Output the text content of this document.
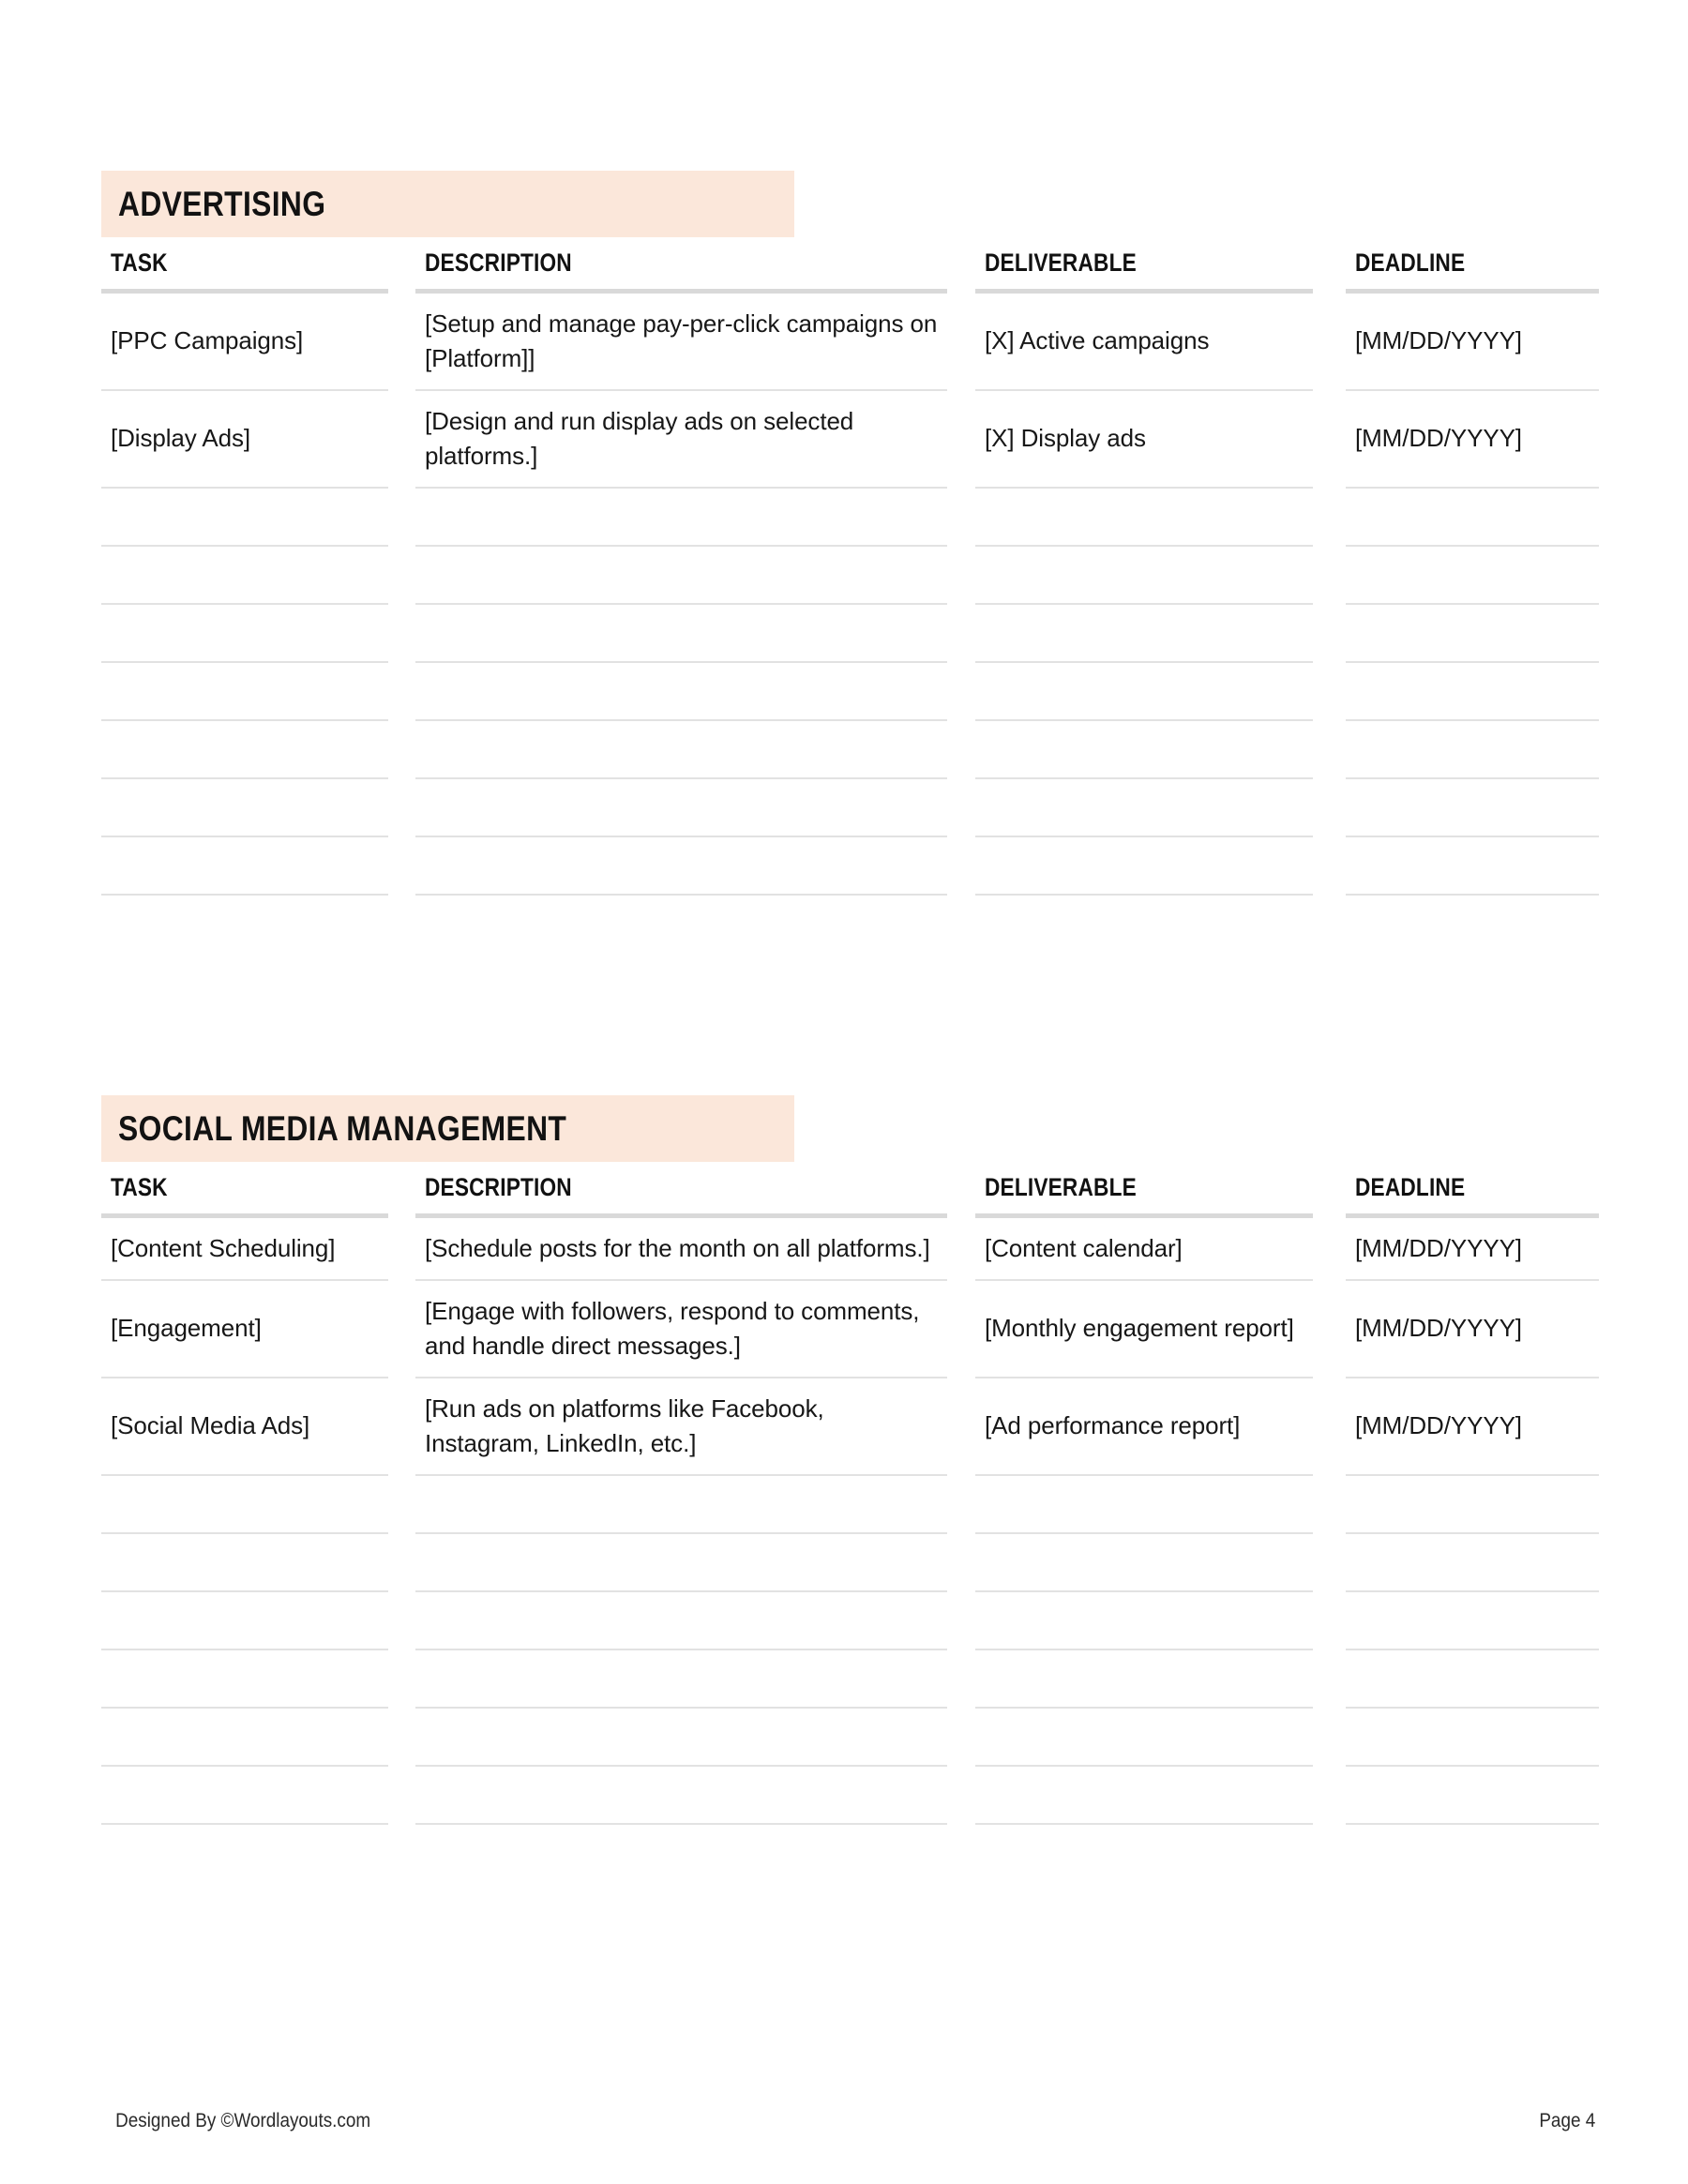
ADVERTISING
TASK		DESCRIPTION		DELIVERABLE		DEADLINE
[PPC Campaigns]		[Setup and manage pay-per-click campaigns on [Platform]]		[X] Active campaigns		[MM/DD/YYYY]
[Display Ads]		[Design and run display ads on selected platforms.]		[X] Display ads		[MM/DD/YYYY]

SOCIAL MEDIA MANAGEMENT
TASK		DESCRIPTION		DELIVERABLE		DEADLINE
[Content Scheduling]		[Schedule posts for the month on all platforms.]		[Content calendar]		[MM/DD/YYYY]
[Engagement]		[Engage with followers, respond to comments, and handle direct messages.]		[Monthly engagement report]		[MM/DD/YYYY]
[Social Media Ads]		[Run ads on platforms like Facebook, Instagram, LinkedIn, etc.]		[Ad performance report]		[MM/DD/YYYY]

Designed By ©Wordlayouts.com	Page 4
